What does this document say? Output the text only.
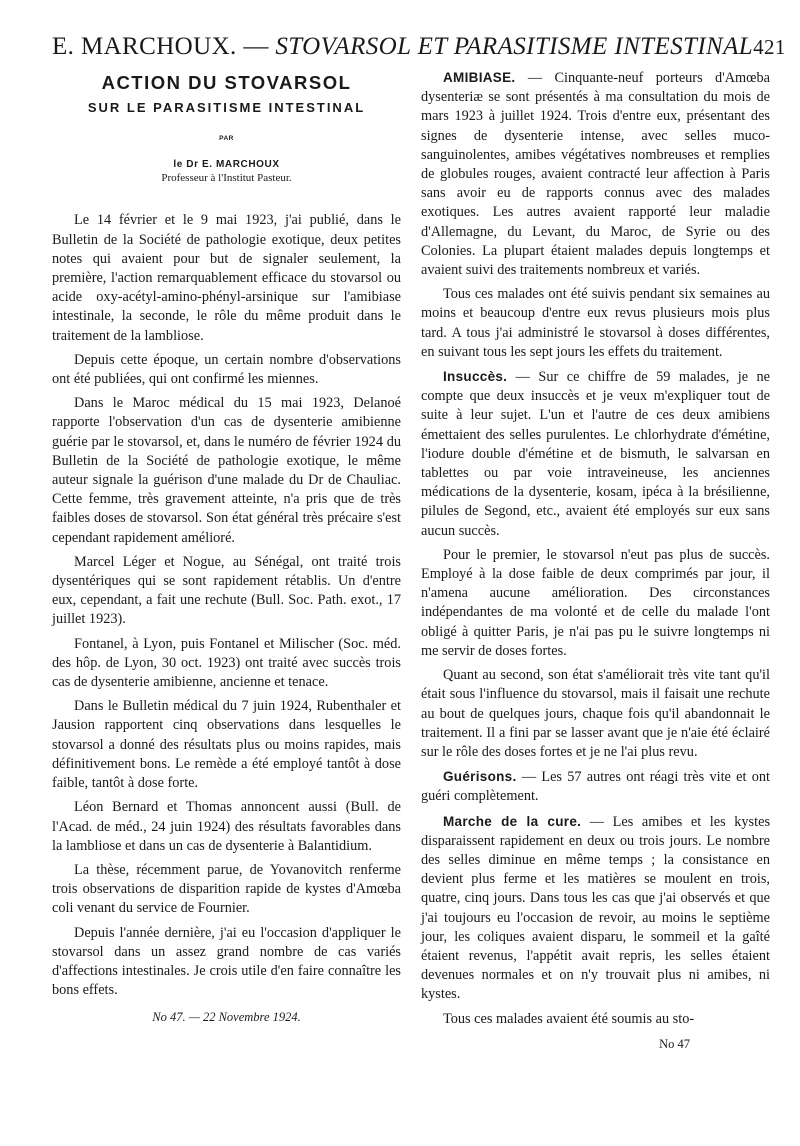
E. MARCHOUX. — STOVARSOL ET PARASITISME INTESTINAL 421
ACTION DU STOVARSOL
SUR LE PARASITISME INTESTINAL
PAR
le Dr E. MARCHOUX
Professeur à l'Institut Pasteur.

Le 14 février et le 9 mai 1923, j'ai publié, dans le Bulletin de la Société de pathologie exotique, deux petites notes qui avaient pour but de signaler seulement, la première, l'action remarquablement efficace du stovarsol ou acide oxy-acétyl-amino-phényl-arsinique sur l'amibiase intestinale, la seconde, le rôle du même produit dans le traitement de la lambliose.

Depuis cette époque, un certain nombre d'observations ont été publiées, qui ont confirmé les miennes.

Dans le Maroc médical du 15 mai 1923, Delanoé rapporte l'observation d'un cas de dysenterie amibienne guérie par le stovarsol, et, dans le numéro de février 1924 du Bulletin de la Société de pathologie exotique, le même auteur signale la guérison d'une malade du Dr de Chauliac. Cette femme, très gravement atteinte, n'a pris que de très faibles doses de stovarsol. Son état général très précaire s'est cependant rapidement amélioré.

Marcel Léger et Nogue, au Sénégal, ont traité trois dysentériques qui se sont rapidement rétablis. Un d'entre eux, cependant, a fait une rechute (Bull. Soc. Path. exot., 17 juillet 1923).

Fontanel, à Lyon, puis Fontanel et Milischer (Soc. méd. des hôp. de Lyon, 30 oct. 1923) ont traité avec succès trois cas de dysenterie amibienne, ancienne et tenace.

Dans le Bulletin médical du 7 juin 1924, Rubenthaler et Jausion rapportent cinq observations dans lesquelles le stovarsol a donné des résultats plus ou moins rapides, mais définitivement bons. Le remède a été employé tantôt à dose faible, tantôt à dose forte.

Léon Bernard et Thomas annoncent aussi (Bull. de l'Acad. de méd., 24 juin 1924) des résultats favorables dans la lambliose et dans un cas de dysenterie à Balantidium.

La thèse, récemment parue, de Yovanovitch renferme trois observations de disparition rapide de kystes d'Amœba coli venant du service de Fournier.

Depuis l'année dernière, j'ai eu l'occasion d'appliquer le stovarsol dans un assez grand nombre de cas variés d'affections intestinales. Je crois utile d'en faire connaître les bons effets.

No 47. — 22 Novembre 1924.

AMIBIASE. — Cinquante-neuf porteurs d'Amœba dysenteriæ se sont présentés à ma consultation du mois de mars 1923 à juillet 1924. Trois d'entre eux, présentant des signes de dysenterie intense, avec selles muco-sanguinolentes, amibes végétatives nombreuses et remplies de globules rouges, avaient contracté leur affection à Paris sans avoir eu de rapports connus avec des malades exotiques. Les autres avaient rapporté leur maladie d'Allemagne, du Levant, du Maroc, de Syrie ou des Colonies. La plupart étaient malades depuis longtemps et avaient suivi des traitements nombreux et variés.

Tous ces malades ont été suivis pendant six semaines au moins et beaucoup d'entre eux revus plusieurs mois plus tard. A tous j'ai administré le stovarsol à doses différentes, en suivant tous les sept jours les effets du traitement.

Insuccès. — Sur ce chiffre de 59 malades, je ne compte que deux insuccès et je veux m'expliquer tout de suite à leur sujet. L'un et l'autre de ces deux amibiens émettaient des selles purulentes. Le chlorhydrate d'émétine, l'iodure double d'émétine et de bismuth, le salvarsan en tablettes ou par voie intraveineuse, les anciennes médications de la dysenterie, kosam, ipéca à la brésilienne, pilules de Segond, etc., avaient été employés sur eux sans aucun succès.

Pour le premier, le stovarsol n'eut pas plus de succès. Employé à la dose faible de deux comprimés par jour, il n'amena aucune amélioration. Des circonstances indépendantes de ma volonté et de celle du malade l'ont obligé à quitter Paris, je n'ai pas pu le suivre longtemps ni me servir de doses fortes.

Quant au second, son état s'améliorait très vite tant qu'il était sous l'influence du stovarsol, mais il faisait une rechute au bout de quelques jours, chaque fois qu'il abandonnait le traitement. Il a fini par se lasser avant que je n'aie été éclairé sur le rôle des doses fortes et je ne l'ai plus revu.

Guérisons. — Les 57 autres ont réagi très vite et ont guéri complètement.

Marche de la cure. — Les amibes et les kystes disparaissent rapidement en deux ou trois jours. Le nombre des selles diminue en même temps ; la consistance en devient plus ferme et les matières se moulent en trois, quatre, cinq jours. Dans tous les cas que j'ai observés et que j'ai toujours eu l'occasion de revoir, au moins le septième jour, les coliques avaient disparu, le sommeil et la gaîté étaient revenus, l'appétit avait repris, les selles étaient devenues normales et on n'y trouvait plus ni amibes, ni kystes.

Tous ces malades avaient été soumis au sto-

No 47
